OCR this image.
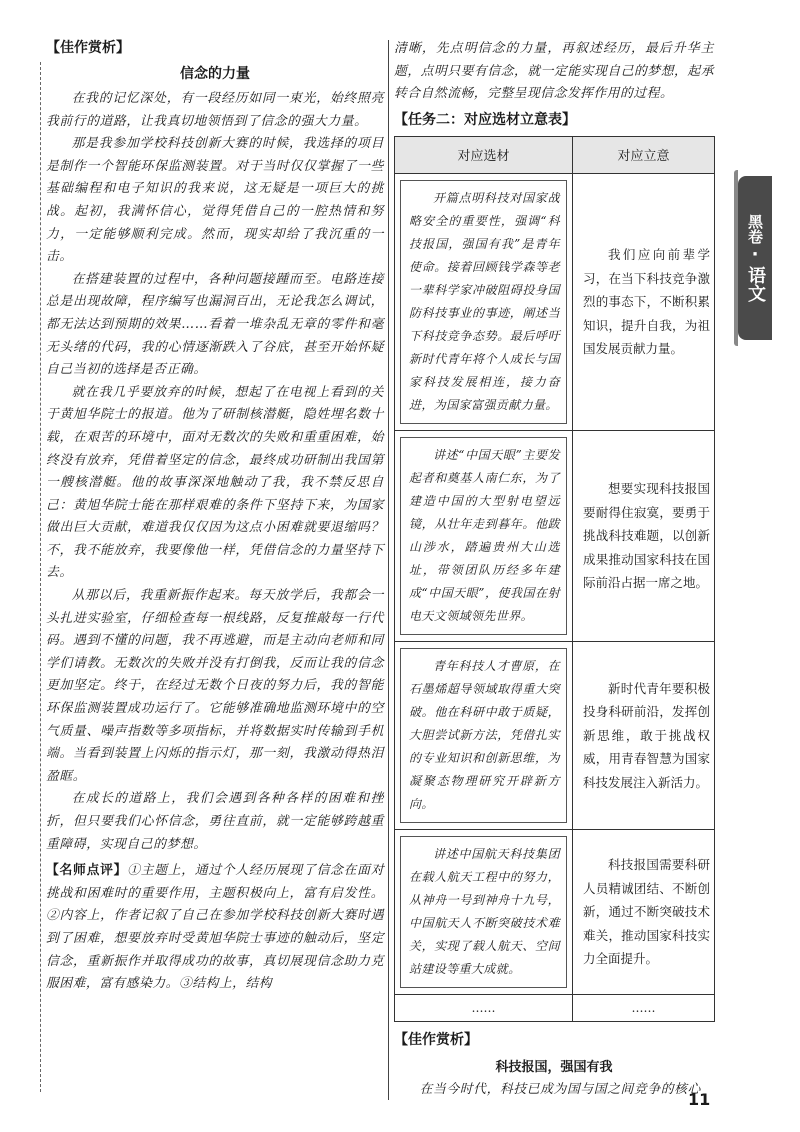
【佳作赏析】
信念的力量

在我的记忆深处，有一段经历如同一束光，始终照亮我前行的道路，让我真切地领悟到了信念的强大力量。

那是我参加学校科技创新大赛的时候，我选择的项目是制作一个智能环保监测装置。对于当时仅仅掌握了一些基础编程和电子知识的我来说，这无疑是一项巨大的挑战。起初，我满怀信心，觉得凭借自己的一腔热情和努力，一定能够顺利完成。然而，现实却给了我沉重的一击。

在搭建装置的过程中，各种问题接踵而至。电路连接总是出现故障，程序编写也漏洞百出，无论我怎么调试，都无法达到预期的效果……看着一堆杂乱无章的零件和毫无头绪的代码，我的心情逐渐跌入了谷底，甚至开始怀疑自己当初的选择是否正确。

就在我几乎要放弃的时候，想起了在电视上看到的关于黄旭华院士的报道。他为了研制核潜艇，隐姓埋名数十载，在艰苦的环境中，面对无数次的失败和重重困难，始终没有放弃，凭借着坚定的信念，最终成功研制出我国第一艘核潜艇。他的故事深深地触动了我，我不禁反思自己：黄旭华院士能在那样艰难的条件下坚持下来，为国家做出巨大贡献，难道我仅仅因为这点小困难就要退缩吗？不，我不能放弃，我要像他一样，凭借信念的力量坚持下去。

从那以后，我重新振作起来。每天放学后，我都会一头扎进实验室，仔细检查每一根线路，反复推敲每一行代码。遇到不懂的问题，我不再逃避，而是主动向老师和同学们请教。无数次的失败并没有打倒我，反而让我的信念更加坚定。终于，在经过无数个日夜的努力后，我的智能环保监测装置成功运行了。它能够准确地监测环境中的空气质量、噪声指数等多项指标，并将数据实时传输到手机端。当看到装置上闪烁的指示灯，那一刻，我激动得热泪盈眶。

在成长的道路上，我们会遇到各种各样的困难和挫折，但只要我们心怀信念，勇往直前，就一定能够跨越重重障碍，实现自己的梦想。

【名师点评】①主题上，通过个人经历展现了信念在面对挑战和困难时的重要作用，主题积极向上，富有启发性。②内容上，作者记叙了自己在参加学校科技创新大赛时遇到了困难，想要放弃时受黄旭华院士事迹的触动后，坚定信念，重新振作并取得成功的故事，真切展现信念助力克服困难，富有感染力。③结构上，结构

清晰，先点明信念的力量，再叙述经历，最后升华主题，点明只要有信念，就一定能实现自己的梦想，起承转合自然流畅，完整呈现信念发挥作用的过程。

【任务二：对应选材立意表】
对应选材	对应立意

开篇点明科技对国家战略安全的重要性，强调“科技报国，强国有我”是青年使命。接着回顾钱学森等老一辈科学家冲破阻碍投身国防科技事业的事迹，阐述当下科技竞争态势。最后呼吁新时代青年将个人成长与国家科技发展相连，接力奋进，为国家富强贡献力量。	我们应向前辈学习，在当下科技竞争激烈的事态下，不断积累知识，提升自我，为祖国发展贡献力量。

讲述“中国天眼”主要发起者和奠基人南仁东，为了建造中国的大型射电望远镜，从壮年走到暮年。他跋山涉水，踏遍贵州大山选址，带领团队历经多年建成“中国天眼”，使我国在射电天文领域领先世界。	想要实现科技报国要耐得住寂寞，要勇于挑战科技难题，以创新成果推动国家科技在国际前沿占据一席之地。

青年科技人才曹原，在石墨烯超导领域取得重大突破。他在科研中敢于质疑，大胆尝试新方法，凭借扎实的专业知识和创新思维，为凝聚态物理研究开辟新方向。	新时代青年要积极投身科研前沿，发挥创新思维，敢于挑战权威，用青春智慧为国家科技发展注入新活力。

讲述中国航天科技集团在载人航天工程中的努力，从神舟一号到神舟十九号，中国航天人不断突破技术难关，实现了载人航天、空间站建设等重大成就。	科技报国需要科研人员精诚团结、不断创新，通过不断突破技术难关，推动国家科技实力全面提升。

……	……
【佳作赏析】
科技报国，强国有我

在当今时代，科技已成为国与国之间竞争的核心

黑卷
·
语文
11
